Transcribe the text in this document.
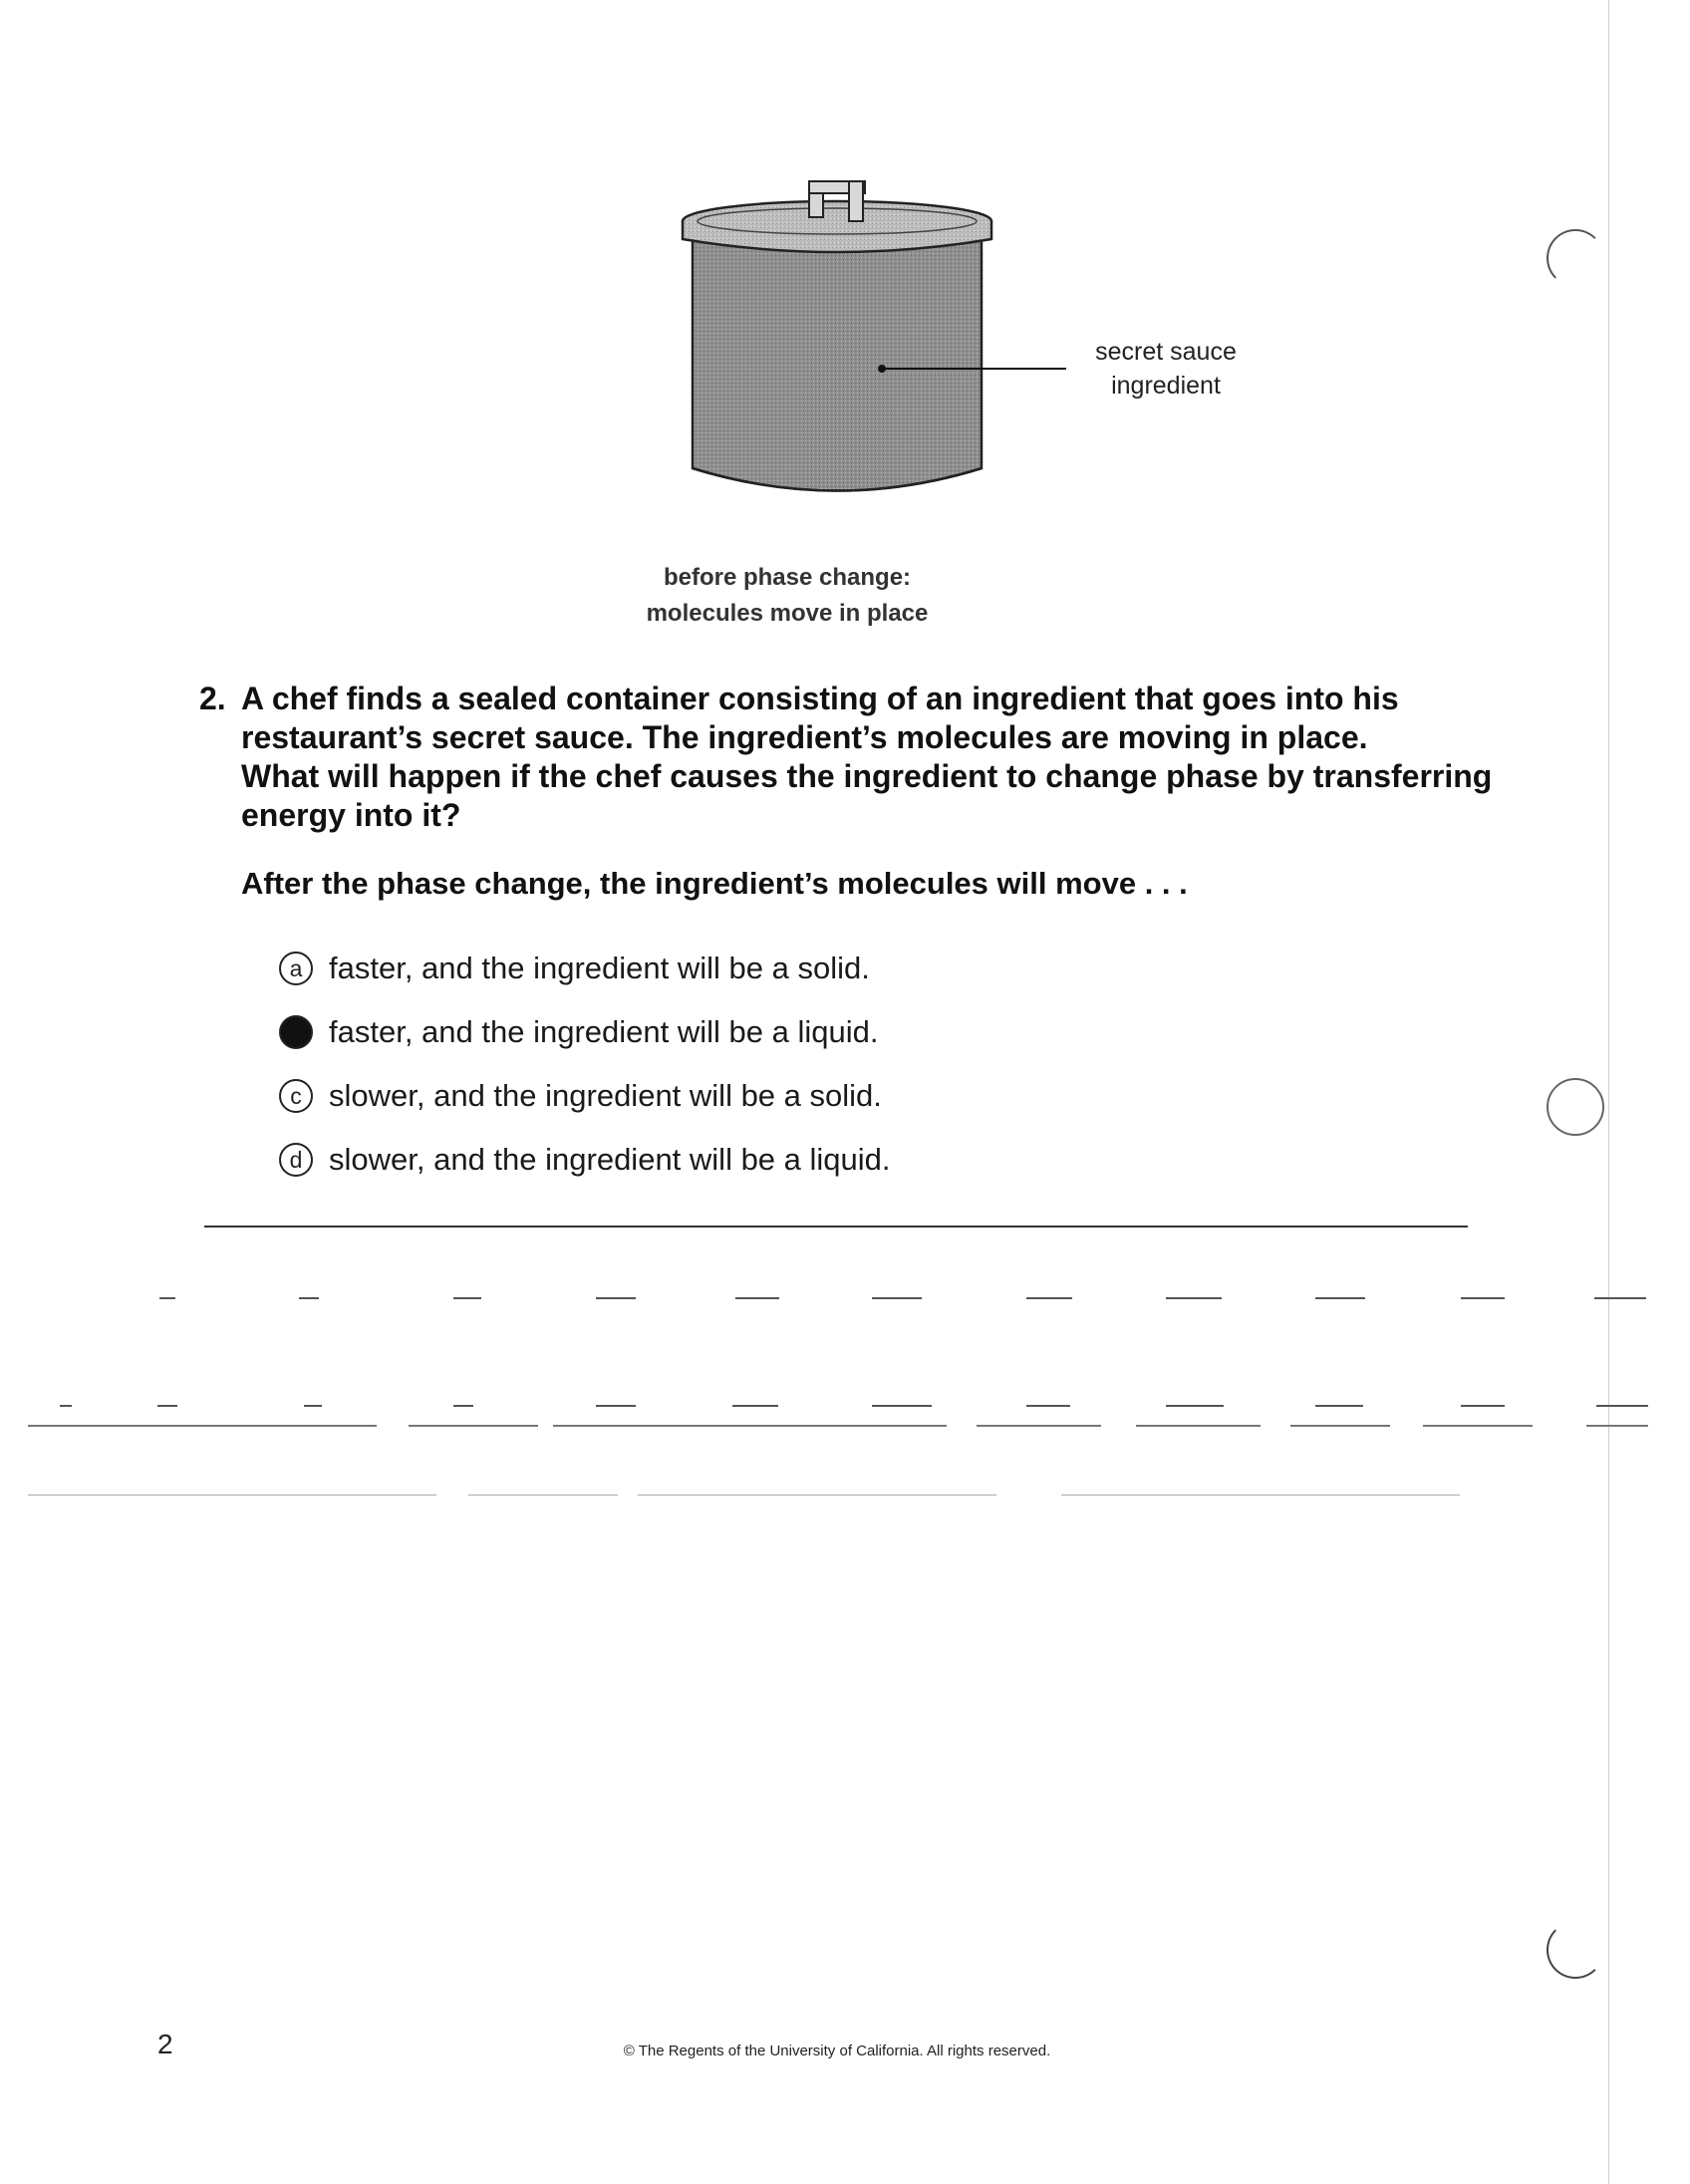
secret sauce
ingredient
before phase change:
molecules move in place
2. A chef finds a sealed container consisting of an ingredient that goes into his
restaurant’s secret sauce. The ingredient’s molecules are moving in place.
What will happen if the chef causes the ingredient to change phase by transferring
energy into it?
After the phase change, the ingredient’s molecules will move . . .
a faster, and the ingredient will be a solid.
b faster, and the ingredient will be a liquid.
c slower, and the ingredient will be a solid.
d slower, and the ingredient will be a liquid.
2	© The Regents of the University of California. All rights reserved.
